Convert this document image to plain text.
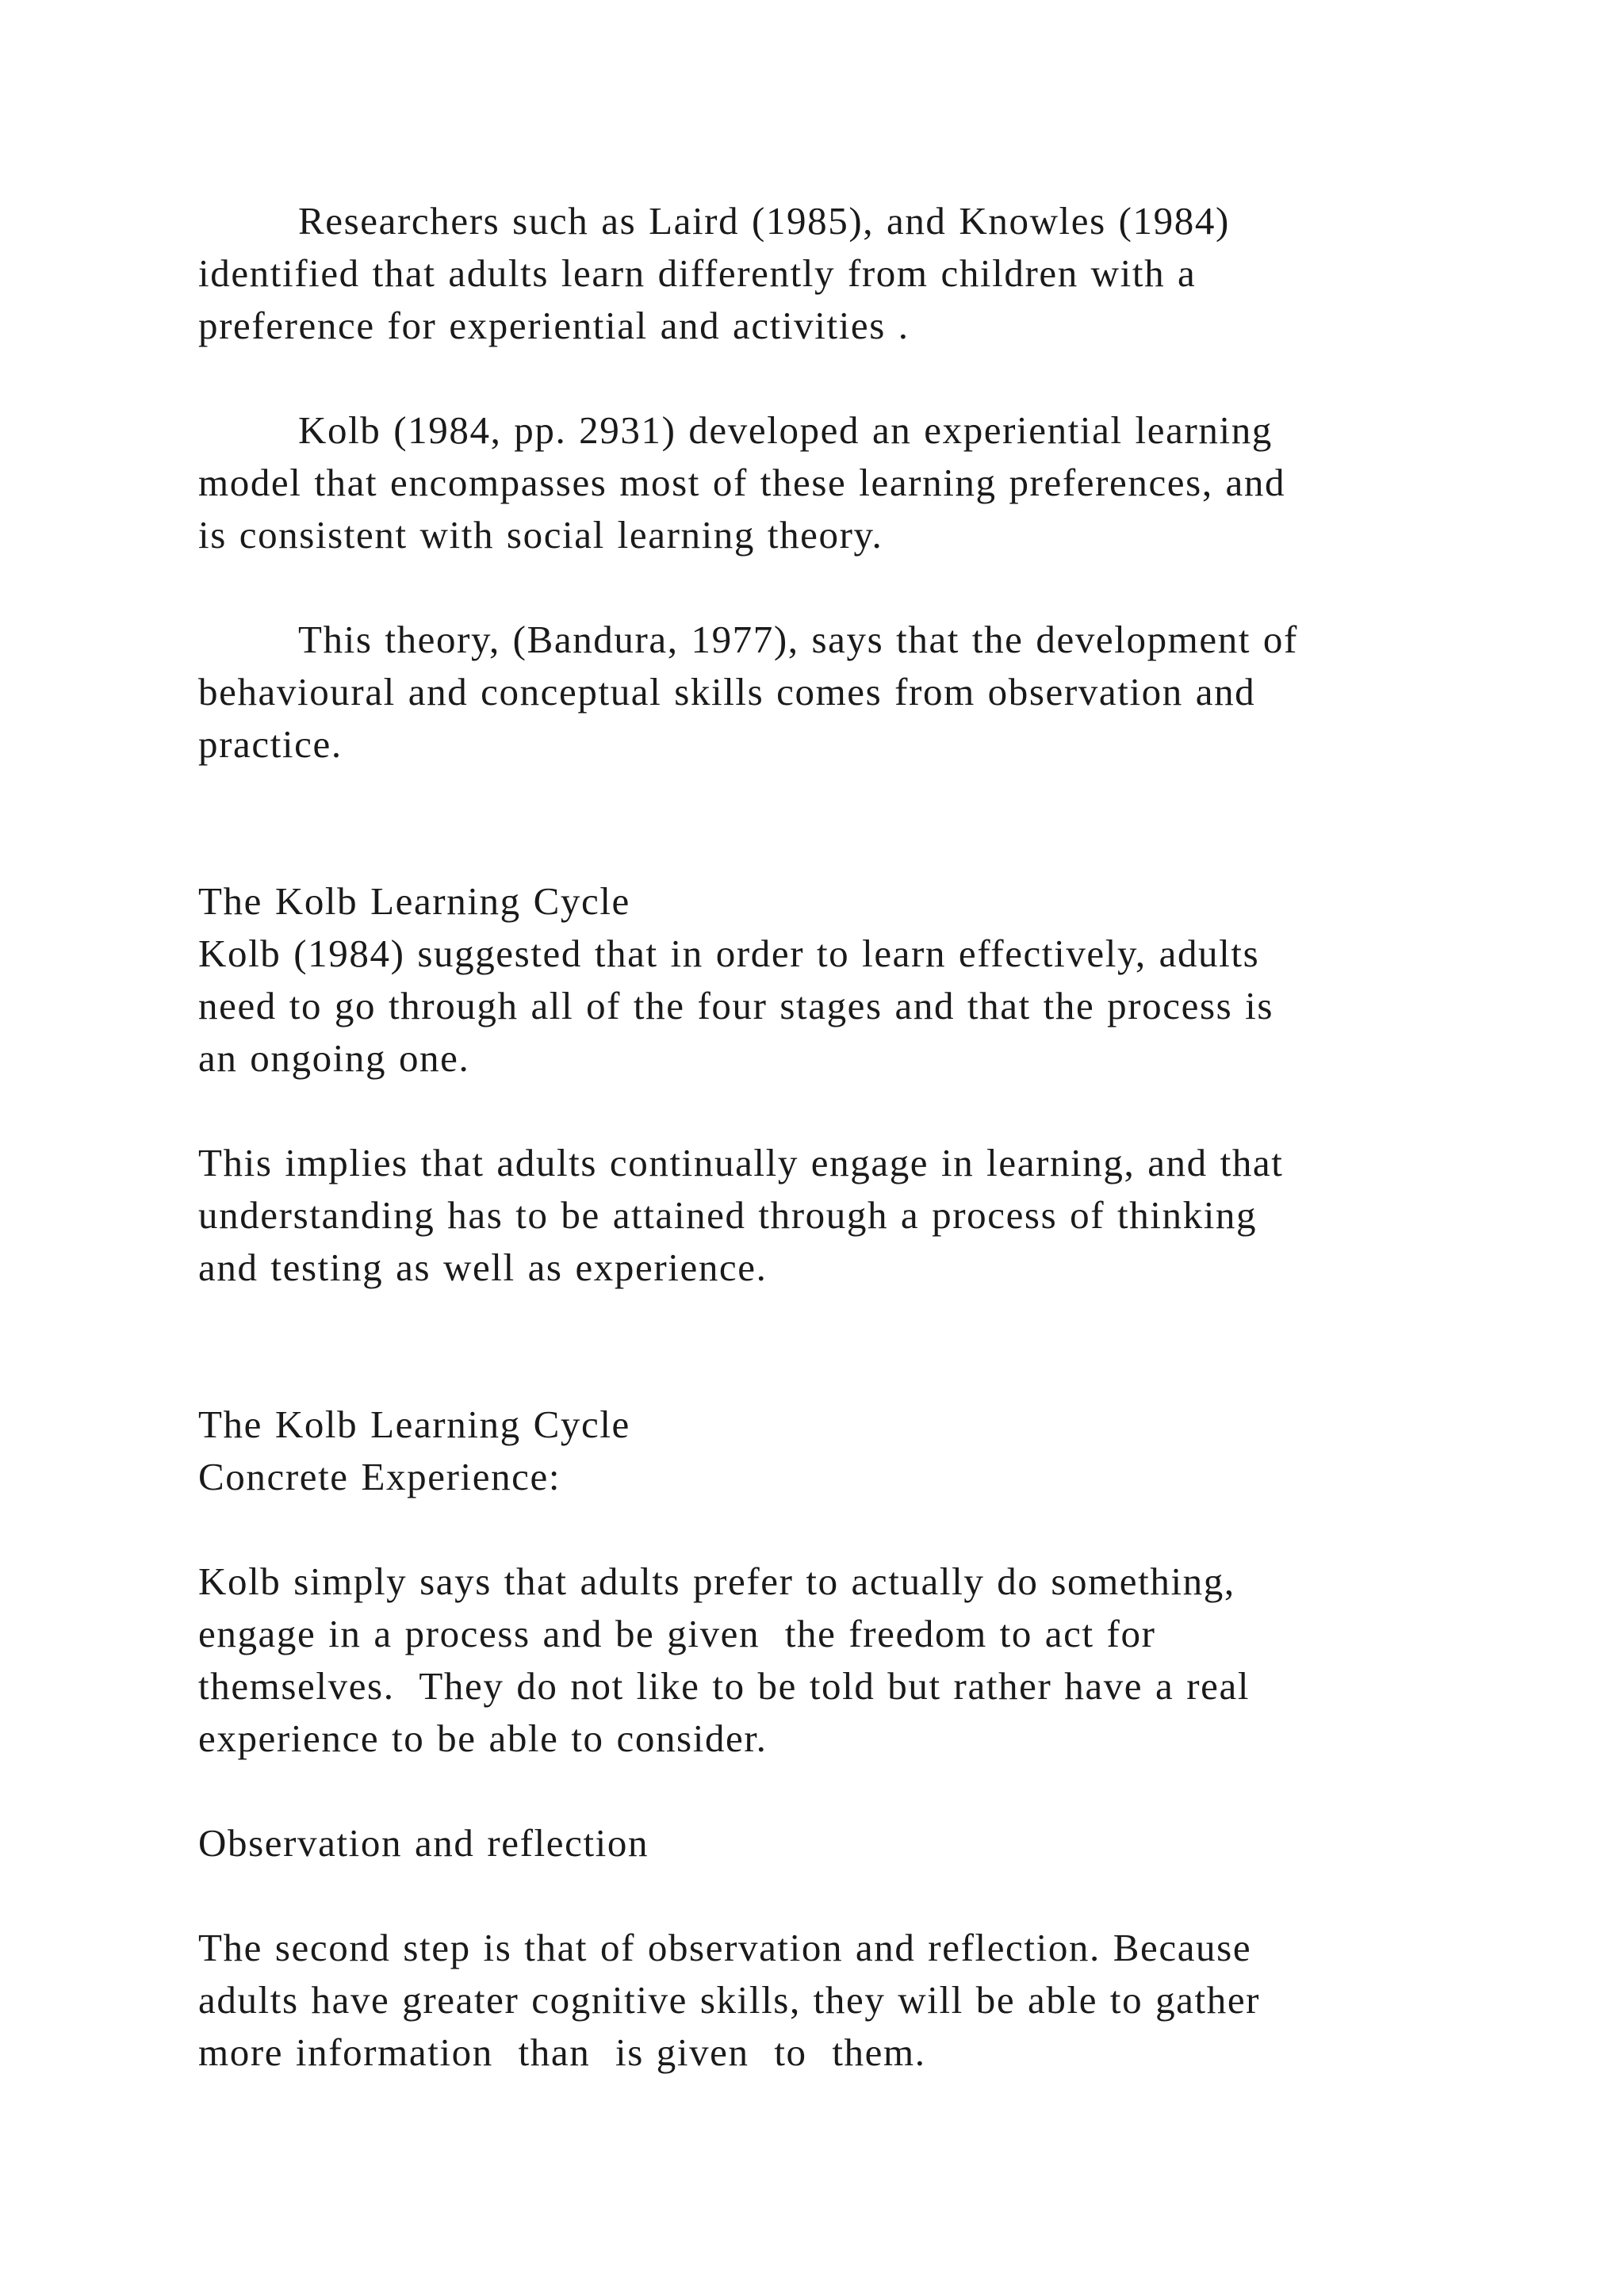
Researchers such as Laird (1985), and Knowles (1984)
identified that adults learn differently from children with a
preference for experiential and activities .

Kolb (1984, pp. 2931) developed an experiential learning
model that encompasses most of these learning preferences, and
is consistent with social learning theory.

This theory, (Bandura, 1977), says that the development of
behavioural and conceptual skills comes from observation and
practice.

The Kolb Learning Cycle

Kolb (1984) suggested that in order to learn effectively, adults
need to go through all of the four stages and that the process is
an ongoing one.

This implies that adults continually engage in learning, and that
understanding has to be attained through a process of thinking
and testing as well as experience.

The Kolb Learning Cycle
Concrete Experience:

Kolb simply says that adults prefer to actually do something,
engage in a process and be given  the freedom to act for
themselves.  They do not like to be told but rather have a real
experience to be able to consider.

Observation and reflection

The second step is that of observation and reflection. Because
adults have greater cognitive skills, they will be able to gather
more information  than  is given  to  them.
